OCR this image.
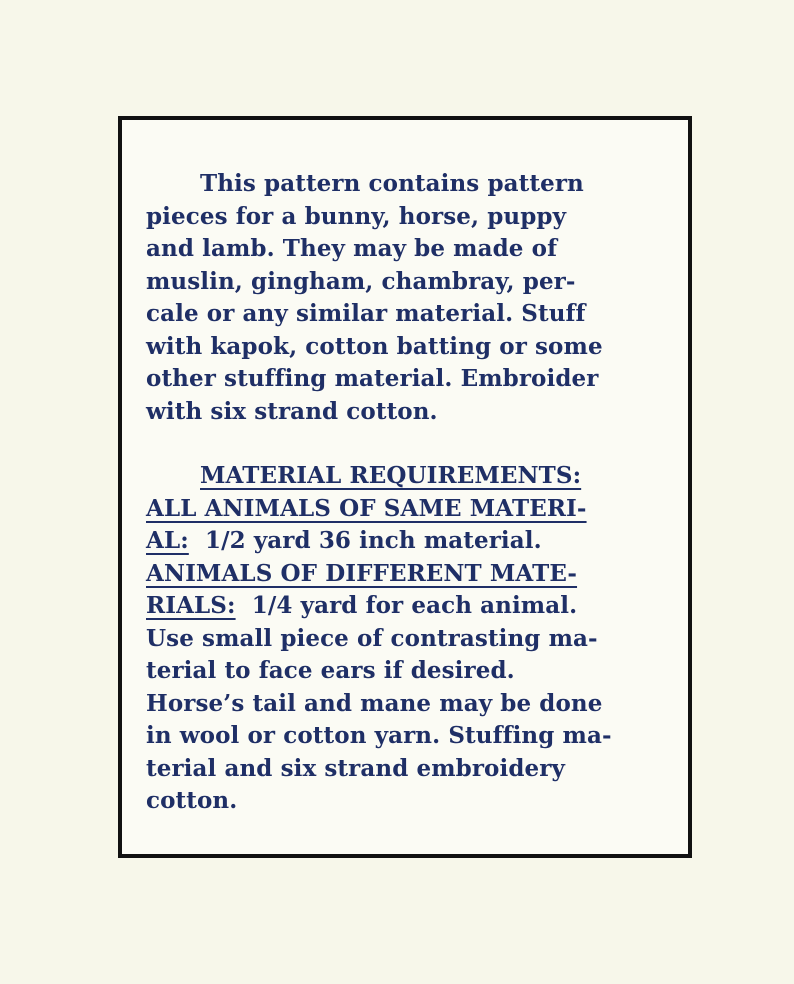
This pattern contains pattern
pieces for a bunny, horse, puppy
and lamb. They may be made of
muslin, gingham, chambray, per-
cale or any similar material. Stuff
with kapok, cotton batting or some
other stuffing material. Embroider
with six strand cotton.
MATERIAL REQUIREMENTS:
ALL ANIMALS OF SAME MATERI-
AL:  1/2 yard 36 inch material.
ANIMALS OF DIFFERENT MATE-
RIALS:  1/4 yard for each animal.
Use small piece of contrasting ma-
terial to face ears if desired.
Horse’s tail and mane may be done
in wool or cotton yarn. Stuffing ma-
terial and six strand embroidery
cotton.
